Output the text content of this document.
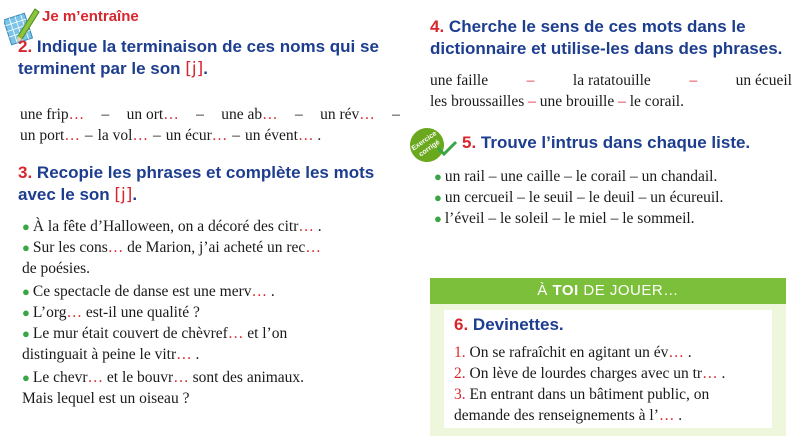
Je m’entraîne
2. Indique la terminaison de ces noms qui se
terminent par le son [j].
une frip… – un ort… – une ab… – un rév… –
un port… – la vol… – un écur… – un évent… .
3. Recopie les phrases et complète les mots
avec le son [j].
● À la fête d’Halloween, on a décoré des citr… .
● Sur les cons… de Marion, j’ai acheté un rec…
de poésies.
● Ce spectacle de danse est une merv… .
● L’org… est-il une qualité ?
● Le mur était couvert de chèvref… et l’on
distinguait à peine le vitr… .
● Le chevr… et le bouvr… sont des animaux.
Mais lequel est un oiseau ?
4. Cherche le sens de ces mots dans le
dictionnaire et utilise-les dans des phrases.
une faille – la ratatouille – un écueil
les broussailles – une brouille – le corail.
Exercice corrigé 5. Trouve l’intrus dans chaque liste.
● un rail – une caille – le corail – un chandail.
● un cercueil – le seuil – le deuil – un écureuil.
● l’éveil – le soleil – le miel – le sommeil.
À TOI DE JOUER…
6. Devinettes.
1. On se rafraîchit en agitant un év… .
2. On lève de lourdes charges avec un tr… .
3. En entrant dans un bâtiment public, on
demande des renseignements à l’… .
